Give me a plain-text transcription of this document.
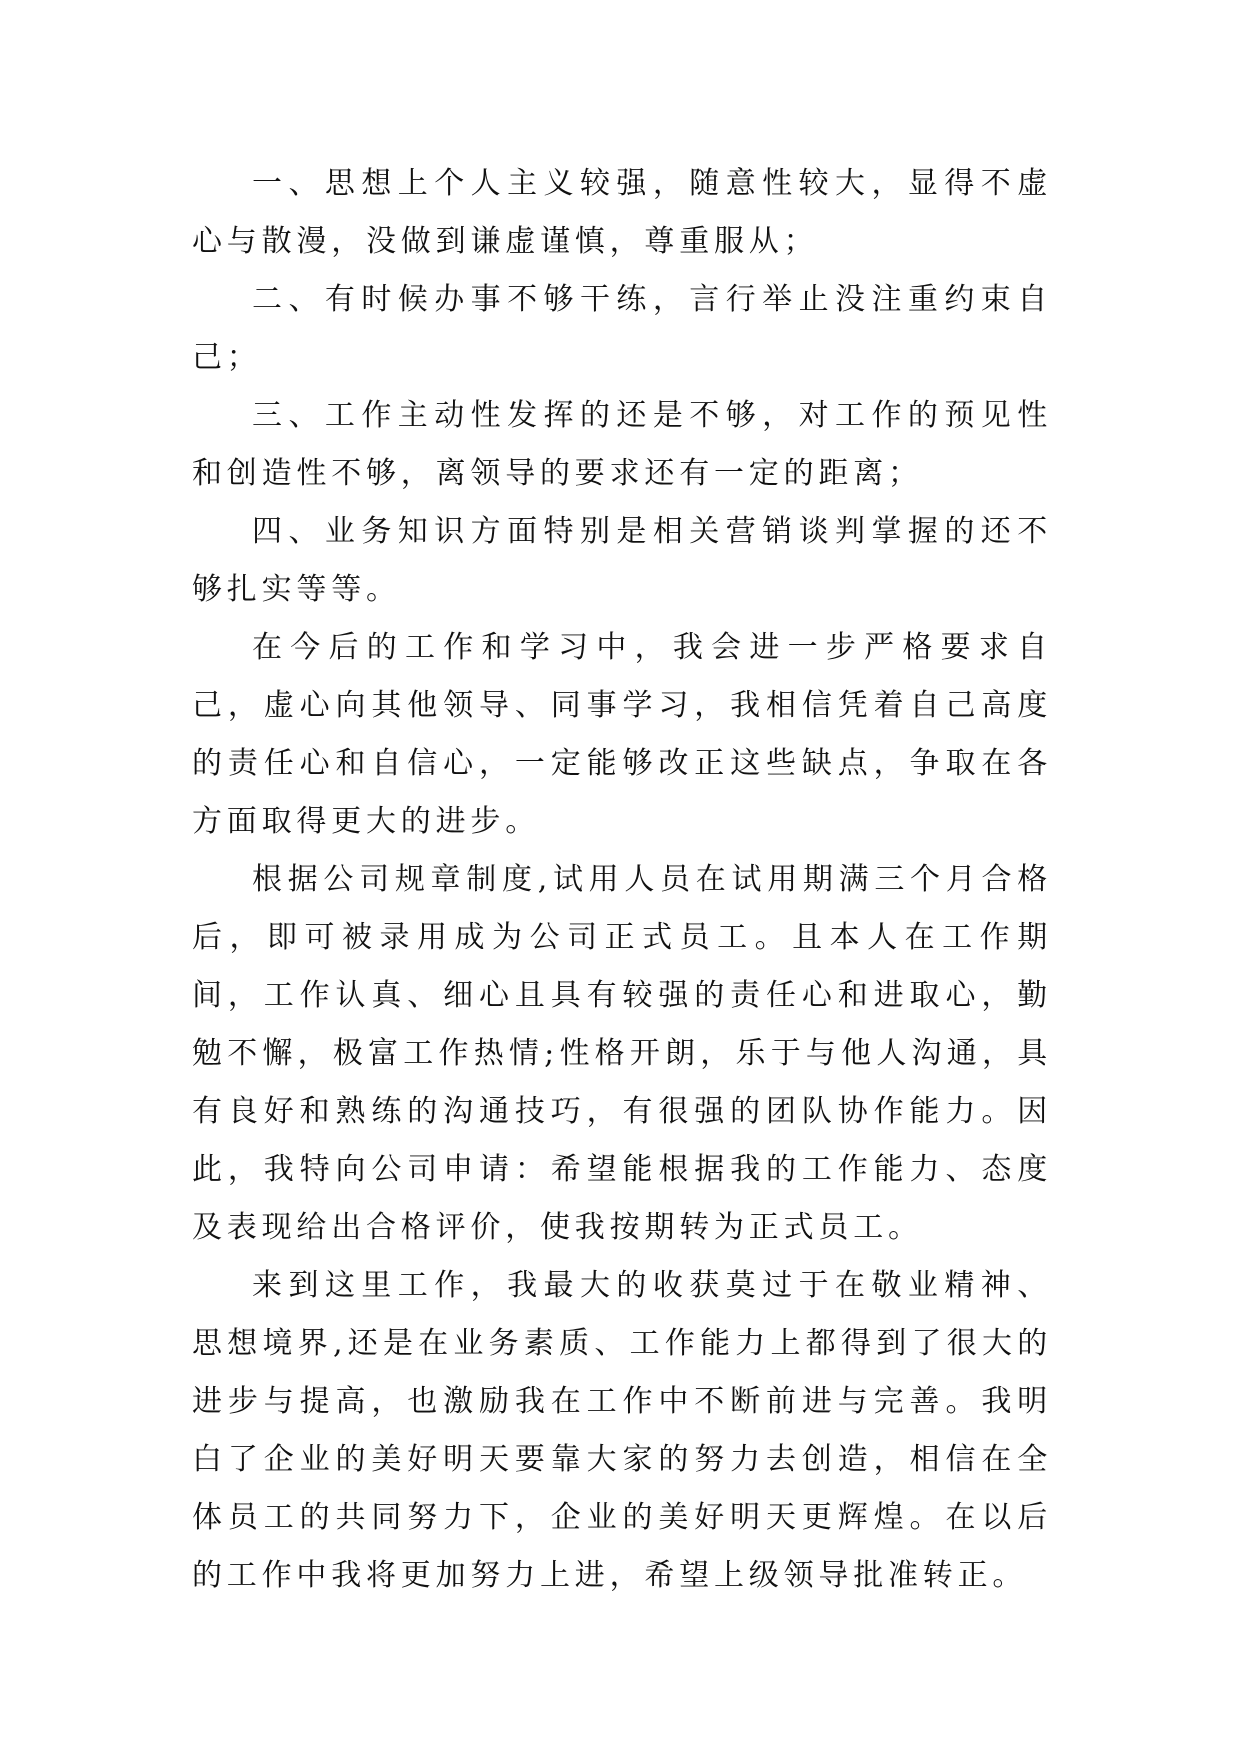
一、思想上个人主义较强，随意性较大，显得不虚心与散漫，没做到谦虚谨慎，尊重服从；

二、有时候办事不够干练，言行举止没注重约束自己；

三、工作主动性发挥的还是不够，对工作的预见性和创造性不够，离领导的要求还有一定的距离；

四、业务知识方面特别是相关营销谈判掌握的还不够扎实等等。

在今后的工作和学习中，我会进一步严格要求自己，虚心向其他领导、同事学习，我相信凭着自己高度的责任心和自信心，一定能够改正这些缺点，争取在各方面取得更大的进步。

根据公司规章制度,试用人员在试用期满三个月合格后，即可被录用成为公司正式员工。且本人在工作期间，工作认真、细心且具有较强的责任心和进取心，勤勉不懈，极富工作热情;性格开朗，乐于与他人沟通，具有良好和熟练的沟通技巧，有很强的团队协作能力。因此，我特向公司申请：希望能根据我的工作能力、态度及表现给出合格评价，使我按期转为正式员工。

来到这里工作，我最大的收获莫过于在敬业精神、思想境界,还是在业务素质、工作能力上都得到了很大的进步与提高，也激励我在工作中不断前进与完善。我明白了企业的美好明天要靠大家的努力去创造，相信在全体员工的共同努力下，企业的美好明天更辉煌。在以后的工作中我将更加努力上进，希望上级领导批准转正。
